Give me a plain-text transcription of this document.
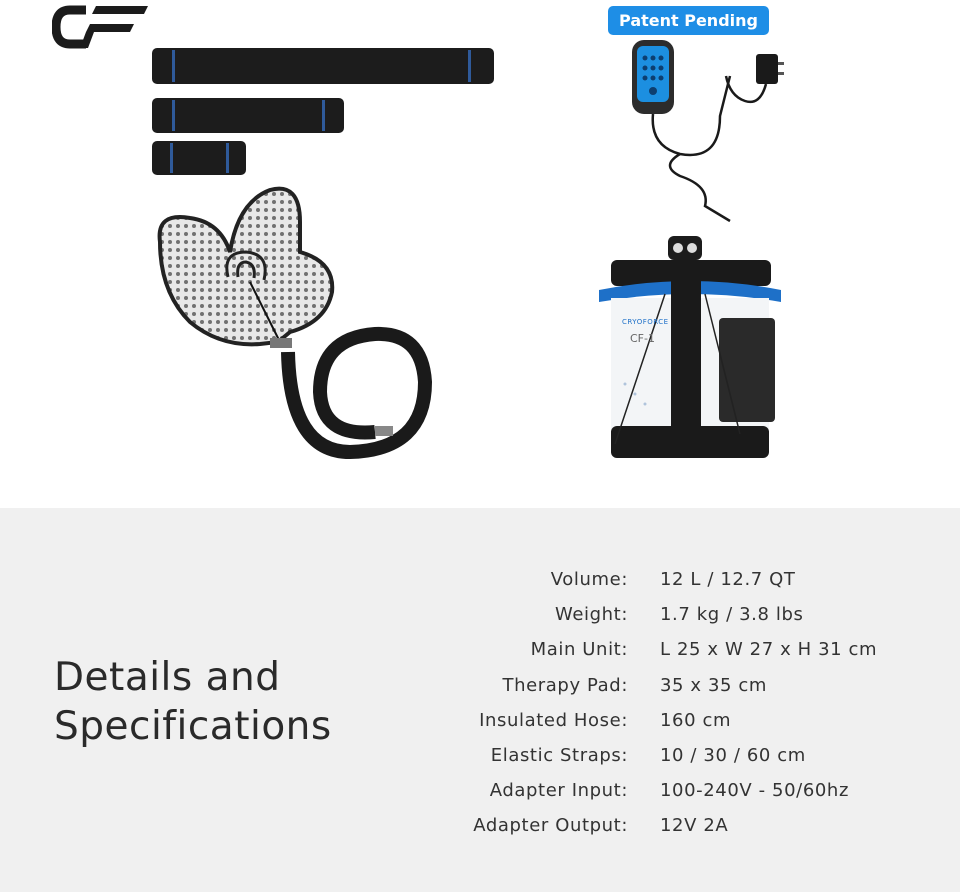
Patent Pending
CRYOFORCE
CF-1
Details and
Specifications
Volume: 12 L / 12.7 QT
Weight: 1.7 kg / 3.8 lbs
Main Unit: L 25 x W 27 x H 31 cm
Therapy Pad: 35 x 35 cm
Insulated Hose: 160 cm
Elastic Straps: 10 / 30 / 60 cm
Adapter Input: 100-240V - 50/60hz
Adapter Output: 12V 2A
